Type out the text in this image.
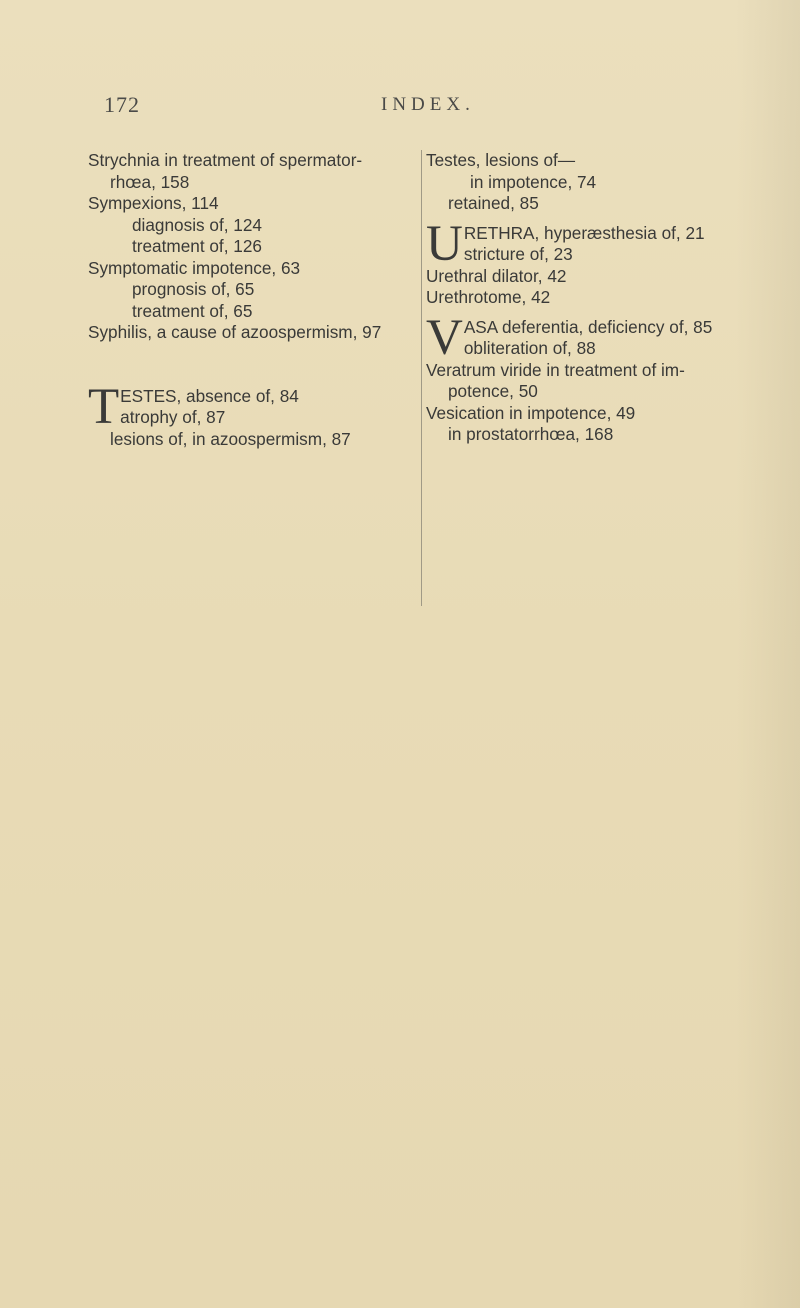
172	INDEX.
Strychnia in treatment of spermator-
rhœa, 158
Sympexions, 114
diagnosis of, 124
treatment of, 126
Symptomatic impotence, 63
prognosis of, 65
treatment of, 65
Syphilis, a cause of azoospermism, 97
T ESTES, absence of, 84
atrophy of, 87
lesions of, in azoospermism, 87
Testes, lesions of—
in impotence, 74
retained, 85
U RETHRA, hyperæsthesia of, 21
stricture of, 23
Urethral dilator, 42
Urethrotome, 42
V ASA deferentia, deficiency of, 85
obliteration of, 88
Veratrum viride in treatment of im-
potence, 50
Vesication in impotence, 49
in prostatorrhœa, 168
